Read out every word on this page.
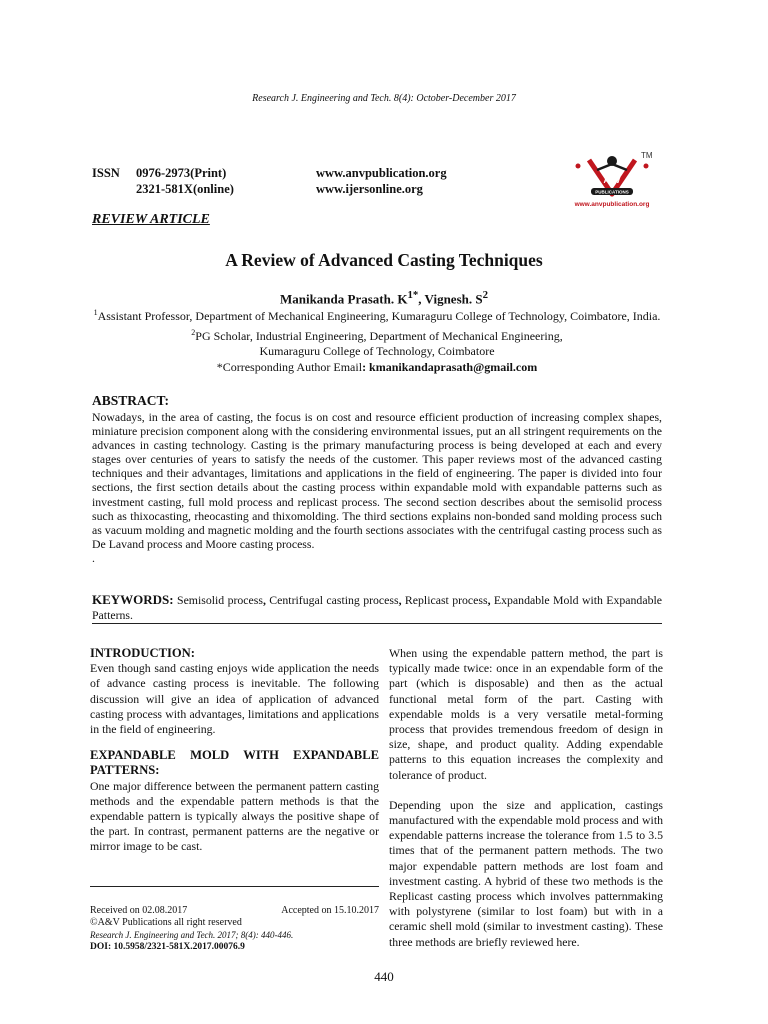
Research J. Engineering and Tech. 8(4): October-December 2017
ISSN	0976-2973(Print)
2321-581X(online)
www.anvpublication.org
www.ijersonline.org
TM
A&V
PUBLICATIONS
www.anvpublication.org
REVIEW ARTICLE
A Review of Advanced Casting Techniques
Manikanda Prasath. $K^{1*}$, Vignesh. $S^2$
$^1$Assistant Professor, Department of Mechanical Engineering, Kumaraguru College of Technology, Coimbatore, India.
$^2$PG Scholar, Industrial Engineering, Department of Mechanical Engineering,
Kumaraguru College of Technology, Coimbatore
*Corresponding Author Email: kmanikandaprasath@gmail.com
ABSTRACT:

Nowadays, in the area of casting, the focus is on cost and resource efficient production of increasing complex shapes, miniature precision component along with the considering environmental issues, put an all stringent requirements on the advances in casting technology. Casting is the primary manufacturing process is being developed at each and every stages over centuries of years to satisfy the needs of the customer. This paper reviews most of the advanced casting techniques and their advantages, limitations and applications in the field of engineering. The paper is divided into four sections, the first section details about the casting process within expandable mold with expandable patterns such as investment casting, full mold process and replicast process. The second section describes about the semisolid process such as thixocasting, rheocasting and thixomolding. The third sections explains non-bonded sand molding process such as vacuum molding and magnetic molding and the fourth sections associates with the centrifugal casting process such as De Lavand process and Moore casting process.

.

KEYWORDS: Semisolid process, Centrifugal casting process, Replicast process, Expandable Mold with Expandable Patterns.
INTRODUCTION:

Even though sand casting enjoys wide application the needs of advance casting process is inevitable. The following discussion will give an idea of application of advanced casting process with advantages, limitations and applications in the field of engineering.

EXPANDABLE MOLD WITH EXPANDABLE PATTERNS:

One major difference between the permanent pattern casting methods and the expendable pattern methods is that the expendable pattern is typically always the positive shape of the part. In contrast, permanent patterns are the negative or mirror image to be cast.

When using the expendable pattern method, the part is typically made twice: once in an expendable form of the part (which is disposable) and then as the actual functional metal form of the part. Casting with expendable molds is a very versatile metal-forming process that provides tremendous freedom of design in size, shape, and product quality. Adding expendable patterns to this equation increases the complexity and tolerance of product.

Depending upon the size and application, castings manufactured with the expendable mold process and with expendable patterns increase the tolerance from 1.5 to 3.5 times that of the permanent pattern methods. The two major expendable pattern methods are lost foam and investment casting. A hybrid of these two methods is the Replicast casting process which involves patternmaking with polystyrene (similar to lost foam) but with in a ceramic shell mold (similar to investment casting). These three methods are briefly reviewed here.

Received on 02.08.2017	Accepted on 15.10.2017
©A&V Publications all right reserved
Research J. Engineering and Tech. 2017; 8(4): 440-446.
DOI: 10.5958/2321-581X.2017.00076.9
440
